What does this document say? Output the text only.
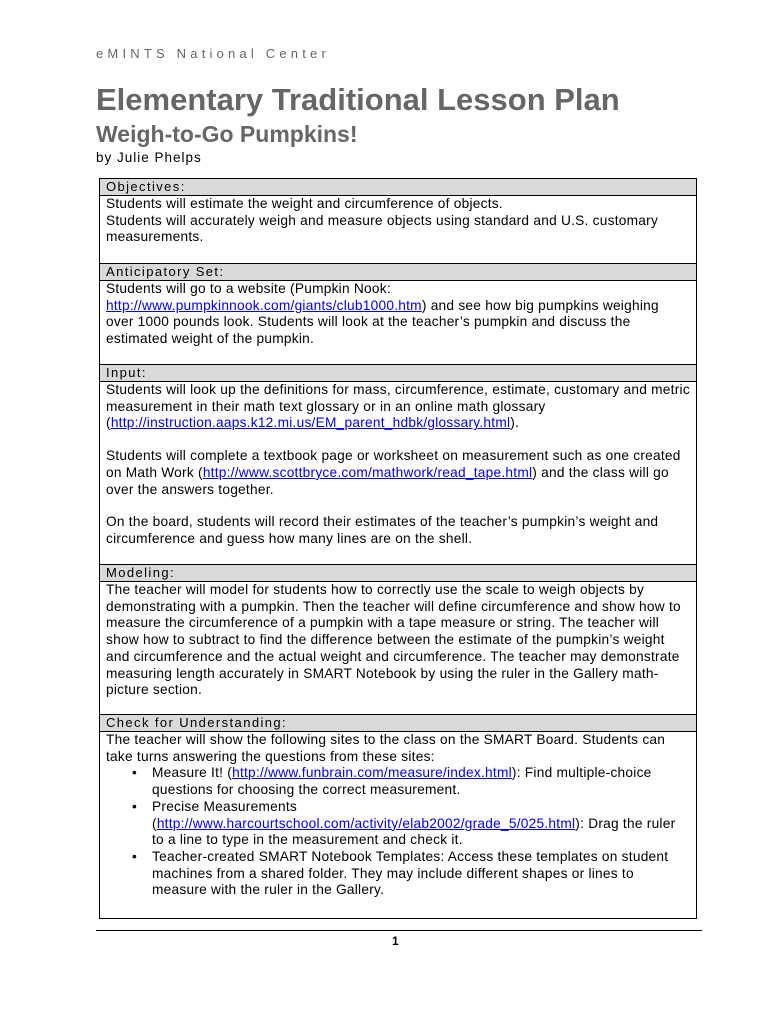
eMINTS National Center
Elementary Traditional Lesson Plan
Weigh-to-Go Pumpkins!
by Julie Phelps
Objectives:

Students will estimate the weight and circumference of objects.

Students will accurately weigh and measure objects using standard and U.S. customary measurements.

Anticipatory Set:

Students will go to a website (Pumpkin Nook: http://www.pumpkinnook.com/giants/club1000.htm) and see how big pumpkins weighing over 1000 pounds look. Students will look at the teacher’s pumpkin and discuss the estimated weight of the pumpkin.

Input:

Students will look up the definitions for mass, circumference, estimate, customary and metric measurement in their math text glossary or in an online math glossary (http://instruction.aaps.k12.mi.us/EM_parent_hdbk/glossary.html).

Students will complete a textbook page or worksheet on measurement such as one created on Math Work (http://www.scottbryce.com/mathwork/read_tape.html) and the class will go over the answers together.

On the board, students will record their estimates of the teacher’s pumpkin’s weight and circumference and guess how many lines are on the shell.

Modeling:

The teacher will model for students how to correctly use the scale to weigh objects by demonstrating with a pumpkin. Then the teacher will define circumference and show how to measure the circumference of a pumpkin with a tape measure or string. The teacher will show how to subtract to find the difference between the estimate of the pumpkin’s weight and circumference and the actual weight and circumference. The teacher may demonstrate measuring length accurately in SMART Notebook by using the ruler in the Gallery math-picture section.

Check for Understanding:

The teacher will show the following sites to the class on the SMART Board. Students can take turns answering the questions from these sites:

• Measure It! (http://www.funbrain.com/measure/index.html): Find multiple-choice questions for choosing the correct measurement.
• Precise Measurements (http://www.harcourtschool.com/activity/elab2002/grade_5/025.html): Drag the ruler to a line to type in the measurement and check it.
• Teacher-created SMART Notebook Templates: Access these templates on student machines from a shared folder. They may include different shapes or lines to measure with the ruler in the Gallery.
1
